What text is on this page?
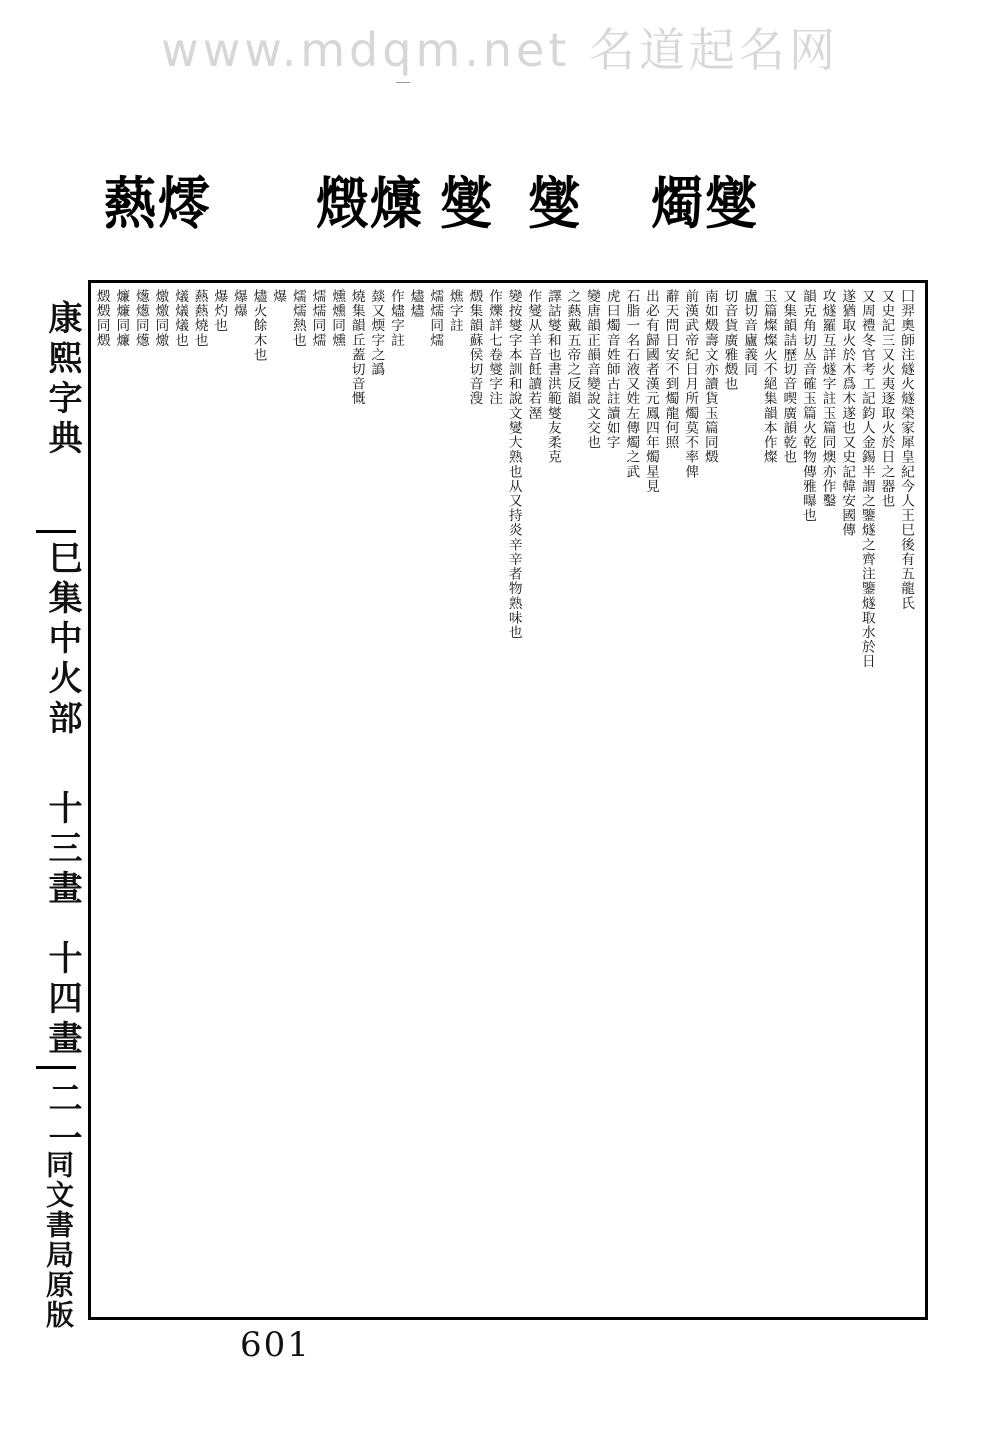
www.mdqm.net 名道起名网
爇燯 燬燺 燮 燮 燭燮
康熙字典
巳集中
火部
十三畫
十四畫
二一
同文書局原版
囗羿奧師注燧火燧榮家犀皇紀今人王巳後有五龍氏
又史記三又火夷逐取火於日之器也
又周禮冬官考工記鈞人金錫半謂之鑒燧之齊注鑒燧取水於日
遂猶取火於木爲木遂也又史記韓安國傳
攻燧羅互詳燧字註玉篇同燠亦作鑿
韻克角切丛音確玉篇火乾物傳雅曝也
又集韻詰歷切音喫廣韻乾也
玉篇燦燦火不絕集韻本作燦
盧切音廬義同
切音貨廣雅燬也
南如燬壽文亦讀貨玉篇同燬
前漢武帝紀日月所燭莫不率俾
辭天問日安不到燭龍何照
出必有歸國者漢元鳳四年燭星見
石脂一名石液又姓左傳燭之武
虎曰燭音姓師古註讀如字
變唐韻正韻音變說文交也
之爇戴五帝之反韻
譯詁燮和也書洪範燮友柔克
作燮从羊音飪讀若溼
變按燮字本訓和說文燮大熟也从又持炎辛辛者物熟味也
作爍詳七卷燮字注
燬集韻蘇侯切音溲
燋字註
燸燸同燸
燼燼
作燼字註
燅又煗字之譌
燒集韻丘蓋切音慨
燻燻同燻
燸燸同燸
燸燸熱也
爆
燼火餘木也
爆爆
爆灼也
爇爇燒也
燨燨燨也
燩燩同燩
燪燪同燪
燫燫同燫
燬燬同燬
601
